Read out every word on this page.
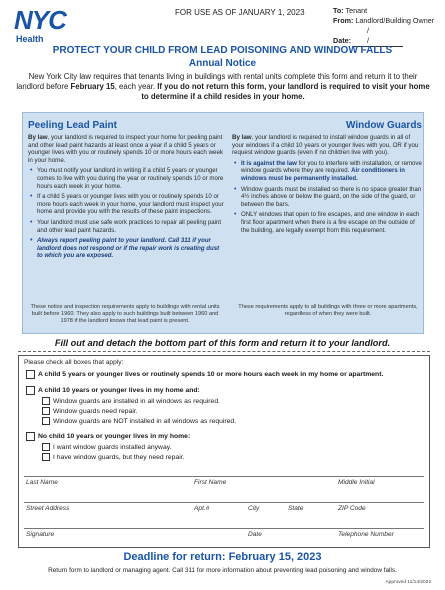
NYC
Health
FOR USE AS OF JANUARY 1, 2023	To: Tenant
From: Landlord/Building Owner
Date: / /
PROTECT YOUR CHILD FROM LEAD POISONING AND WINDOW FALLS
Annual Notice
New York City law requires that tenants living in buildings with rental units complete this form and return it to their landlord before February 15, each year. If you do not return this form, your landlord is required to visit your home to determine if a child resides in your home.
Peeling Lead Paint
By law, your landlord is required to inspect your home for peeling paint and other lead paint hazards at least once a year if a child 5 years or younger lives with you or routinely spends 10 or more hours each week in your home.
• You must notify your landlord in writing if a child 5 years or younger comes to live with you during the year or routinely spends 10 or more hours each week in your home.
• If a child 5 years or younger lives with you or routinely spends 10 or more hours each week in your home, your landlord must inspect your home and provide you with the results of these paint inspections.
• Your landlord must use safe work practices to repair all peeling paint and other lead paint hazards.
• Always report peeling paint to your landlord. Call 311 if your landlord does not respond or if the repair work is creating dust to which you are exposed.
These notice and inspection requirements apply to buildings with rental units built before 1960. They also apply to such buildings built between 1960 and 1978 if the landlord knows that lead paint is present.
Window Guards
By law, your landlord is required to install window guards in all of your windows if a child 10 years or younger lives with you, OR if you request window guards (even if no children live with you).
• It is against the law for you to interfere with installation, or remove window guards where they are required. Air conditioners in windows must be permanently installed.
• Window guards must be installed so there is no space greater than 4½ inches above or below the guard, on the side of the guard, or between the bars.
• ONLY windows that open to fire escapes, and one window in each first floor apartment when there is a fire escape on the outside of the building, are legally exempt from this requirement.
These requirements apply to all buildings with three or more apartments, regardless of when they were built.
Fill out and detach the bottom part of this form and return it to your landlord.
Please check all boxes that apply:
A child 5 years or younger lives or routinely spends 10 or more hours each week in my home or apartment.
A child 10 years or younger lives in my home and:
Window guards are installed in all windows as required.
Window guards need repair.
Window guards are NOT installed in all windows as required.
No child 10 years or younger lives in my home:
I want window guards installed anyway.
I have window guards, but they need repair.
Last Name	First Name	Middle Initial
Street Address	Apt.#	City	State	ZIP Code
Signature	Date	Telephone Number
Deadline for return: February 15, 2023
Return form to landlord or managing agent. Call 311 for more information about preventing lead poisoning and window falls.
Approved 11/14/2022
